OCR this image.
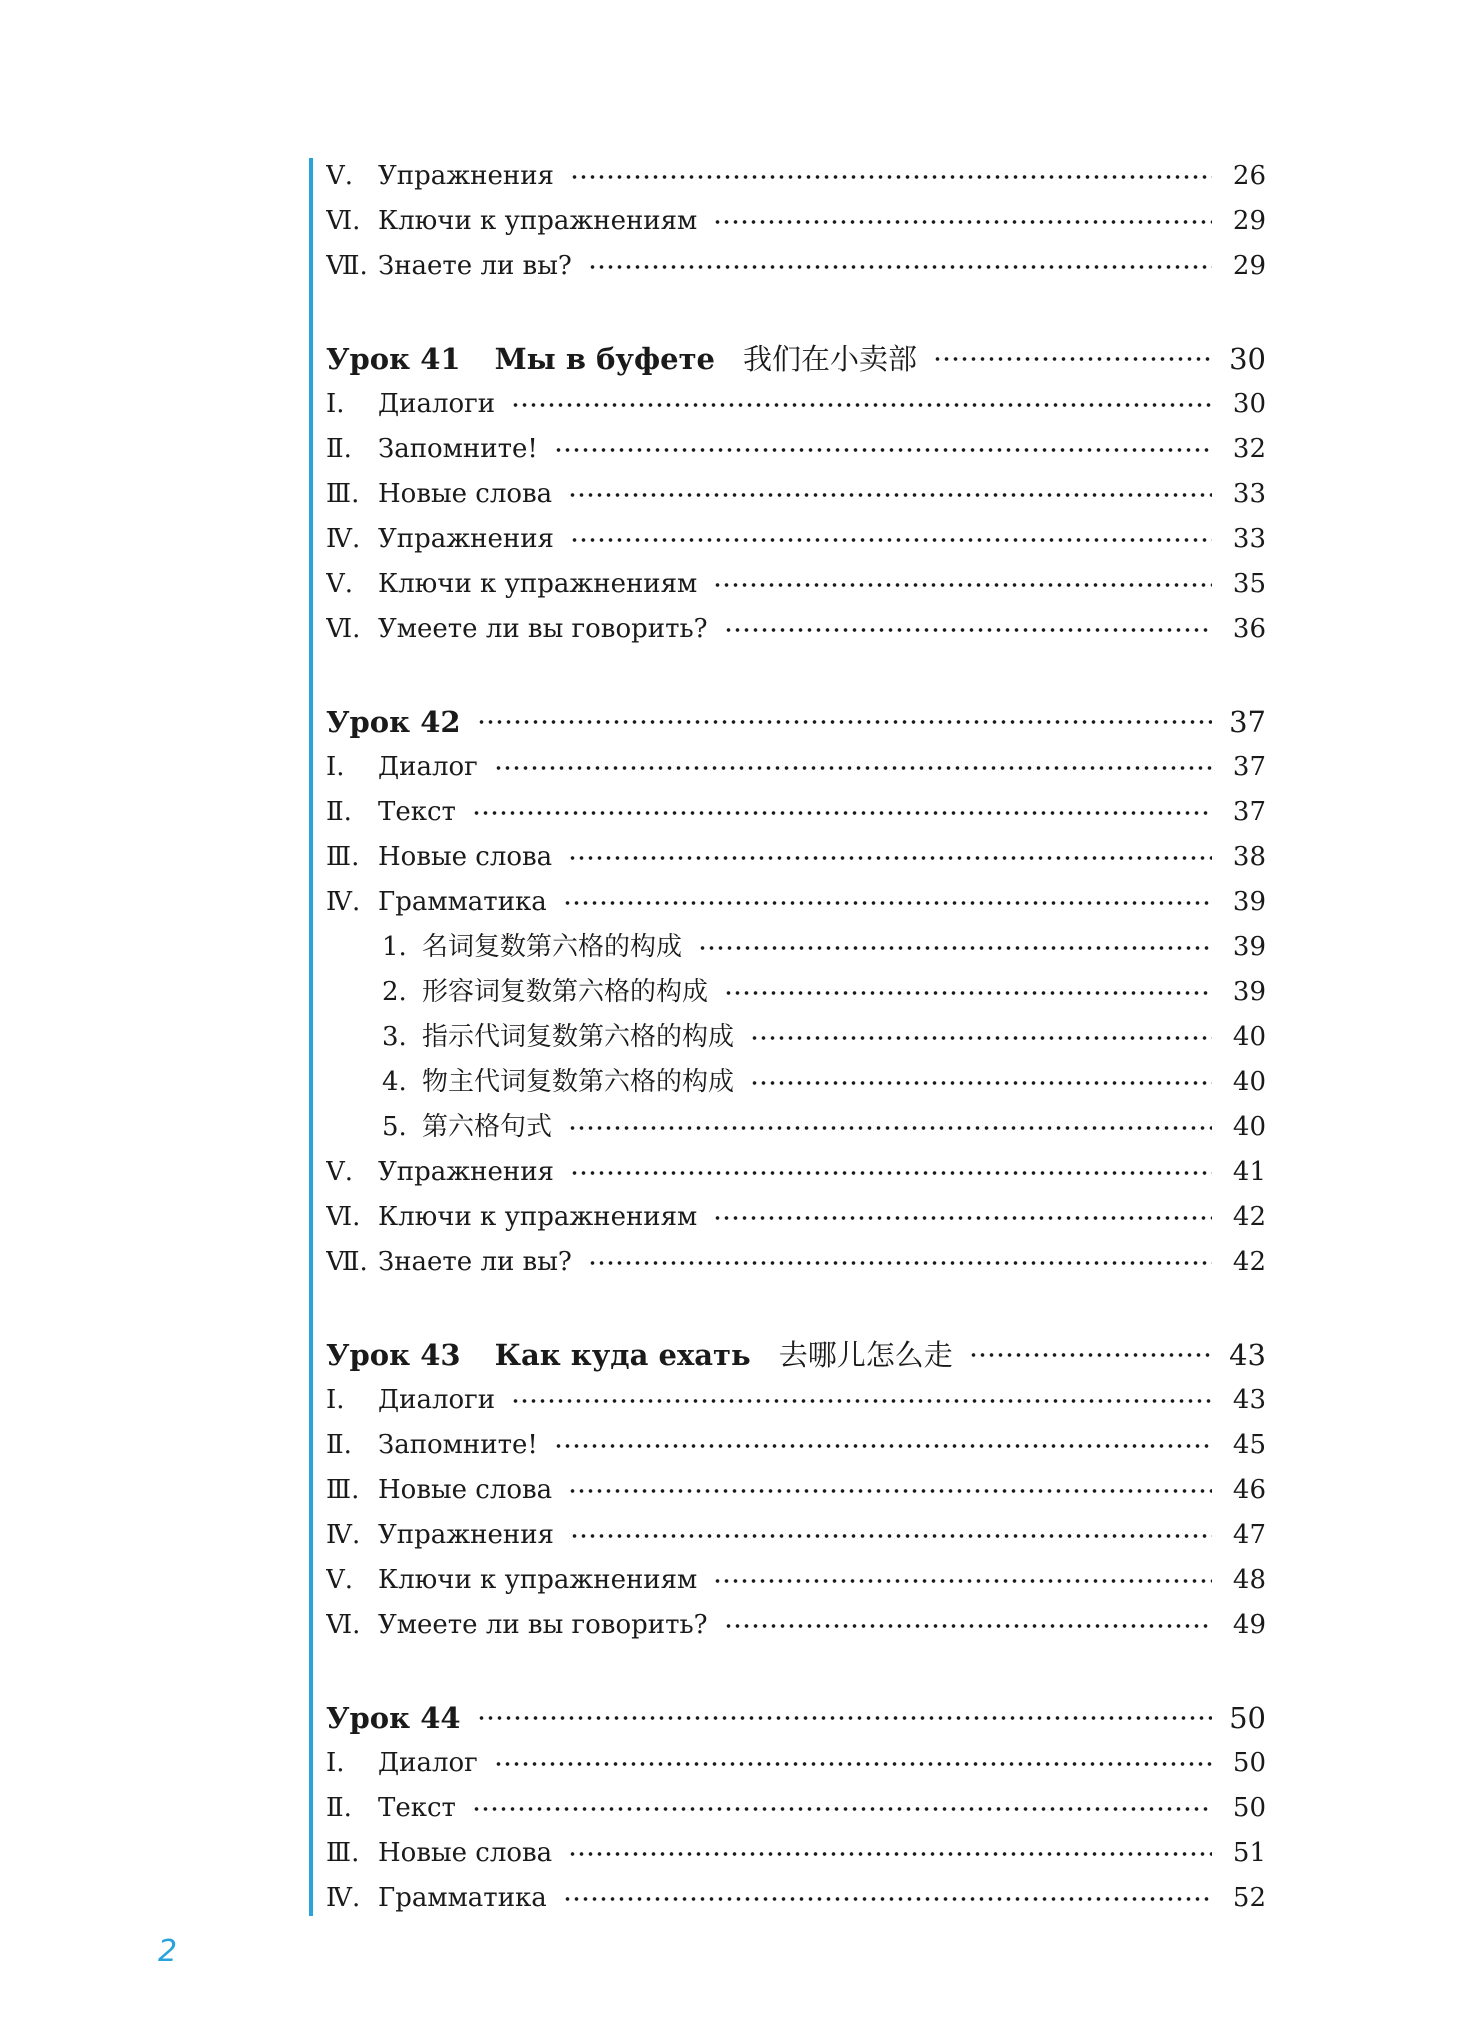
Ⅴ. Упражнения	26
Ⅵ. Ключи к упражнениям	29
Ⅶ. Знаете ли вы?	29
Урок 41 Мы в буфете 我们在小卖部	30
Ⅰ.	Диалоги	30
Ⅱ.	Запомните!	32
Ⅲ. Новые слова	33
Ⅳ. Упражнения	33
Ⅴ. Ключи к упражнениям	35
Ⅵ. Умеете ли вы говорить?	36
Урок 42	37
Ⅰ.	Диалог	37
Ⅱ.	Текст	37
Ⅲ. Новые слова	38
Ⅳ. Грамматика	39
1. 名词复数第六格的构成	39
2. 形容词复数第六格的构成	39
3. 指示代词复数第六格的构成	40
4. 物主代词复数第六格的构成	40
5. 第六格句式	40
Ⅴ. Упражнения	41
Ⅵ. Ключи к упражнениям	42
Ⅶ. Знаете ли вы?	42
Урок 43 Как куда ехать 去哪儿怎么走	43
Ⅰ.	Диалоги	43
Ⅱ.	Запомните!	45
Ⅲ. Новые слова	46
Ⅳ. Упражнения	47
Ⅴ. Ключи к упражнениям	48
Ⅵ. Умеете ли вы говорить?	49
Урок 44	50
Ⅰ.	Диалог	50
Ⅱ.	Текст	50
Ⅲ. Новые слова	51
Ⅳ. Грамматика	52
2
